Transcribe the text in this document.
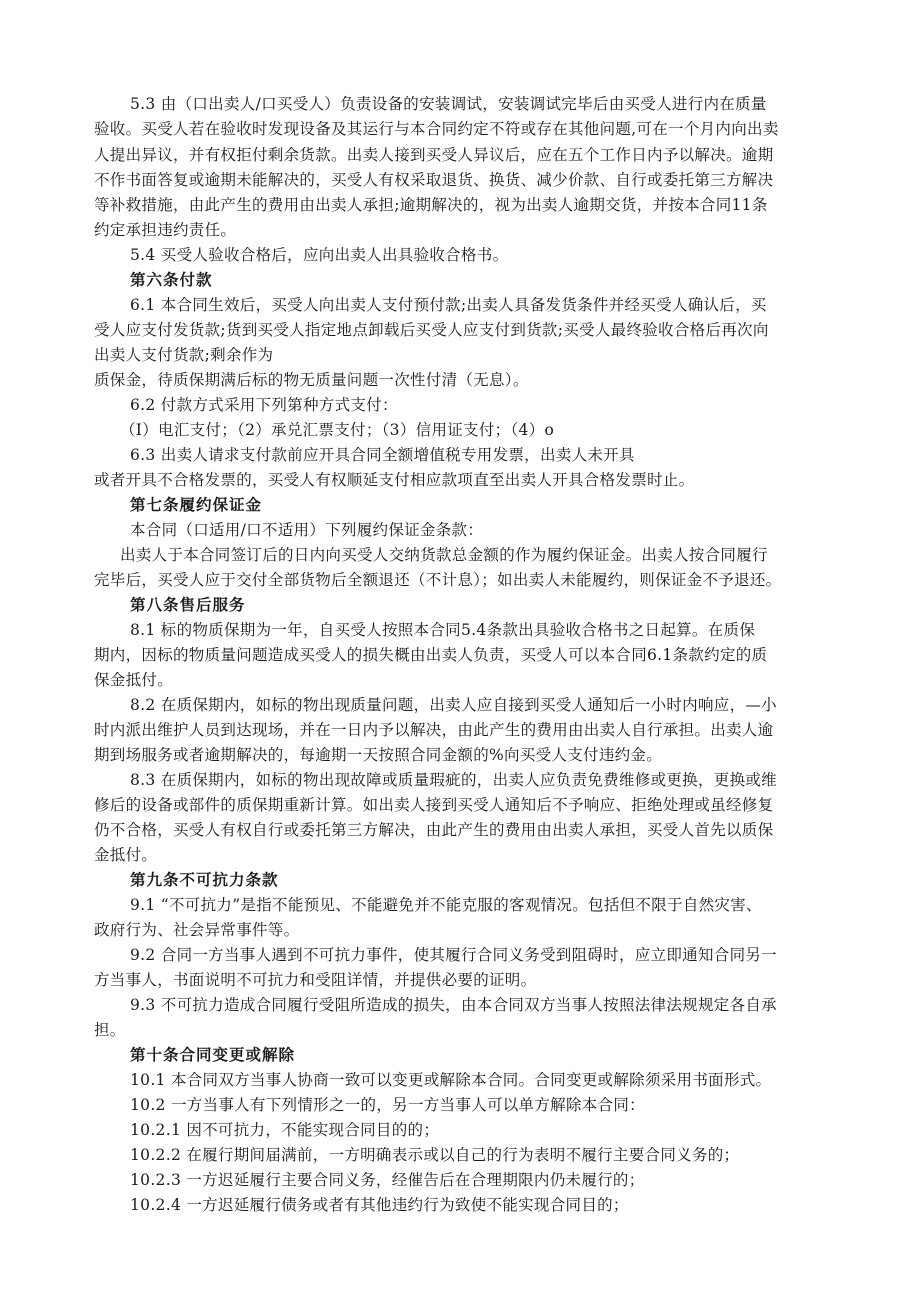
5.3 由（口出卖人/口买受人）负责设备的安装调试，安装调试完毕后由买受人进行内在质量
验收。买受人若在验收时发现设备及其运行与本合同约定不符或存在其他问题,可在一个月内向出卖
人提出异议，并有权拒付剩余货款。出卖人接到买受人异议后，应在五个工作日内予以解决。逾期
不作书面答复或逾期未能解决的，买受人有权采取退货、换货、减少价款、自行或委托第三方解决
等补救措施，由此产生的费用由出卖人承担;逾期解决的，视为出卖人逾期交货，并按本合同11条
约定承担违约责任。
5.4 买受人验收合格后，应向出卖人出具验收合格书。
第六条付款
6.1 本合同生效后，买受人向出卖人支付预付款;出卖人具备发货条件并经买受人确认后，买
受人应支付发货款;货到买受人指定地点卸载后买受人应支付到货款;买受人最终验收合格后再次向
出卖人支付货款;剩余作为
质保金，待质保期满后标的物无质量问题一次性付清（无息）。
6.2 付款方式采用下列第种方式支付：
（I）电汇支付；（2）承兑汇票支付；（3）信用证支付；（4）o
6.3 出卖人请求支付款前应开具合同全额增值税专用发票，出卖人未开具
或者开具不合格发票的，买受人有权顺延支付相应款项直至出卖人开具合格发票时止。
第七条履约保证金
本合同（口适用/口不适用）下列履约保证金条款：
出卖人于本合同签订后的日内向买受人交纳货款总金额的作为履约保证金。出卖人按合同履行
完毕后，买受人应于交付全部货物后全额退还（不计息）；如出卖人未能履约，则保证金不予退还。
第八条售后服务
8.1 标的物质保期为一年，自买受人按照本合同5.4条款出具验收合格书之日起算。在质保
期内，因标的物质量问题造成买受人的损失概由出卖人负责，买受人可以本合同6.1条款约定的质
保金抵付。
8.2 在质保期内，如标的物出现质量问题，出卖人应自接到买受人通知后一小时内响应，—小
时内派出维护人员到达现场，并在一日内予以解决，由此产生的费用由出卖人自行承担。出卖人逾
期到场服务或者逾期解决的，每逾期一天按照合同金额的%向买受人支付违约金。
8.3 在质保期内，如标的物出现故障或质量瑕疵的，出卖人应负责免费维修或更换，更换或维
修后的设备或部件的质保期重新计算。如出卖人接到买受人通知后不予响应、拒绝处理或虽经修复
仍不合格，买受人有权自行或委托第三方解决，由此产生的费用由出卖人承担，买受人首先以质保
金抵付。
第九条不可抗力条款
9.1 “不可抗力”是指不能预见、不能避免并不能克服的客观情况。包括但不限于自然灾害、
政府行为、社会异常事件等。
9.2 合同一方当事人遇到不可抗力事件，使其履行合同义务受到阻碍时，应立即通知合同另一
方当事人，书面说明不可抗力和受阻详情，并提供必要的证明。
9.3 不可抗力造成合同履行受阻所造成的损失，由本合同双方当事人按照法律法规规定各自承
担。
第十条合同变更或解除
10.1 本合同双方当事人协商一致可以变更或解除本合同。合同变更或解除须采用书面形式。
10.2 一方当事人有下列情形之一的，另一方当事人可以单方解除本合同：
10.2.1 因不可抗力，不能实现合同目的的；
10.2.2 在履行期间届满前，一方明确表示或以自己的行为表明不履行主要合同义务的；
10.2.3 一方迟延履行主要合同义务，经催告后在合理期限内仍未履行的；
10.2.4 一方迟延履行债务或者有其他违约行为致使不能实现合同目的；
